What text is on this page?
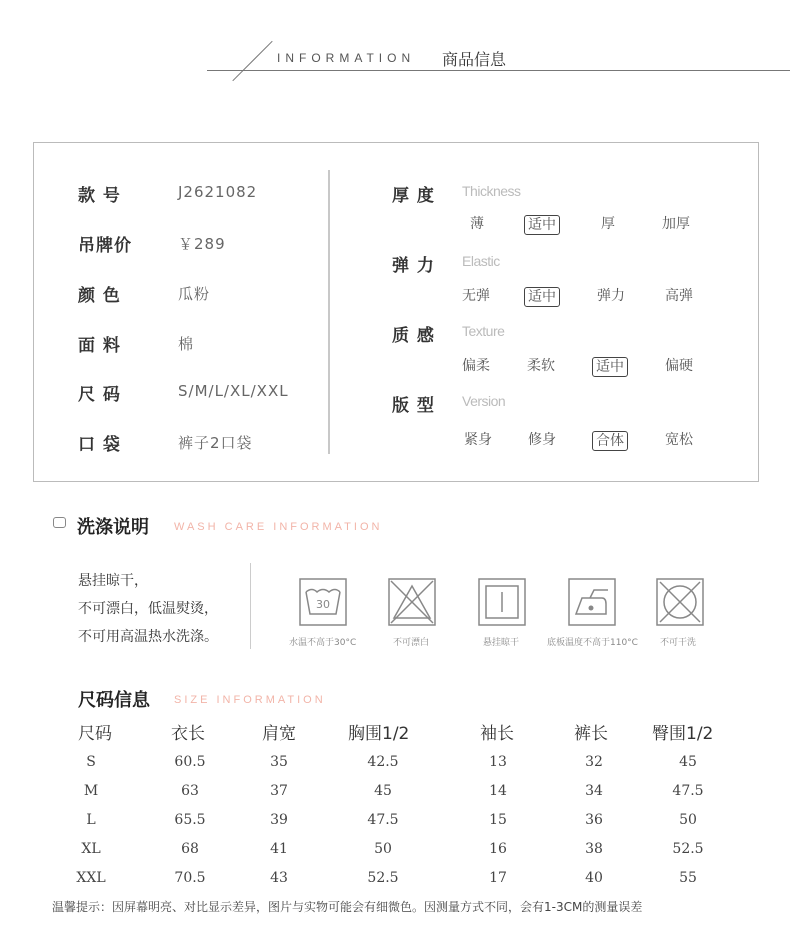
INFORMATION 商品信息
款 号	J2621082
吊牌价	￥289
颜 色	瓜粉
面 料	棉
尺 码	S/M/L/XL/XXL
口 袋	裤子2口袋
厚 度 Thickness
薄	适中	厚	加厚
弹 力 Elastic
无弹	适中	弹力	高弹
质 感 Texture
偏柔	柔软	适中	偏硬
版 型 Version
紧身	修身	合体	宽松
洗涤说明 WASH CARE INFORMATION
悬挂晾干，
不可漂白，低温熨烫，
不可用高温热水洗涤。
30
水温不高于30°C	不可漂白	悬挂晾干	底板温度不高于110°C 不可干洗
尺码信息 SIZE INFORMATION
尺码	衣长	肩宽	胸围1/2	袖长	裤长	臀围1/2
S	60.5	35	42.5	13	32	45
M	63	37	45	14	34	47.5
L	65.5	39	47.5	15	36	50
XL	68	41	50	16	38	52.5
XXL	70.5	43	52.5	17	40	55
温馨提示：因屏幕明亮、对比显示差异，图片与实物可能会有细微色。因测量方式不同，会有1-3CM的测量误差
